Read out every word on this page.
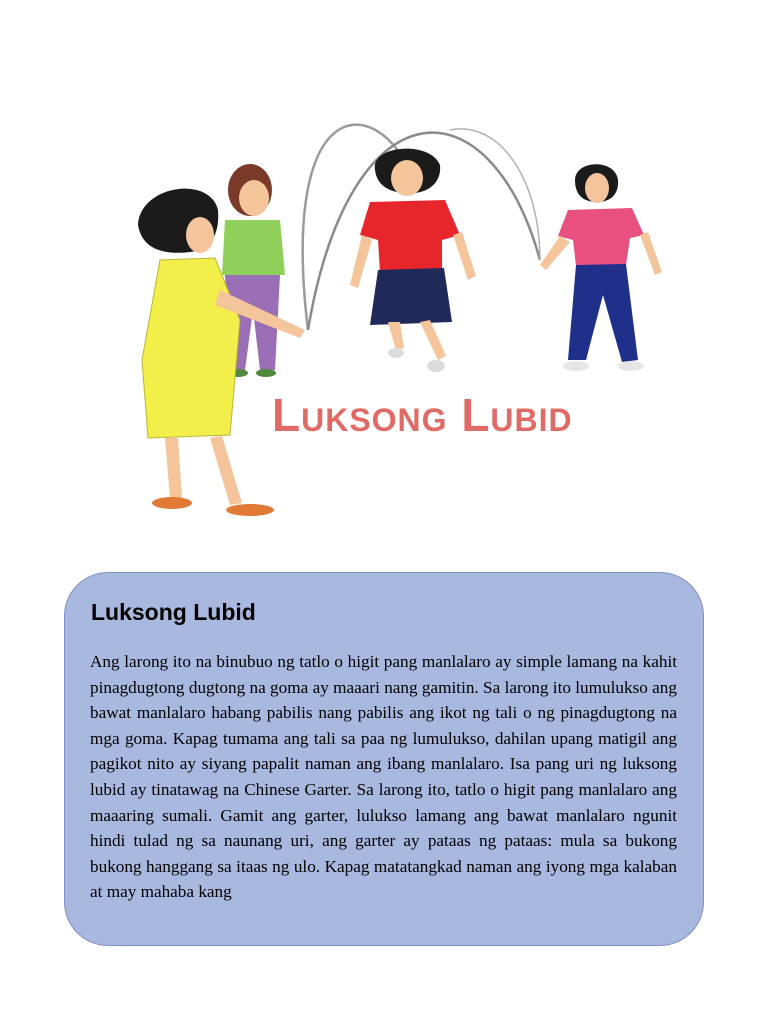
Luksong Lubid
Luksong Lubid
Ang larong ito na binubuo ng tatlo o higit pang manlalaro ay simple lamang na kahit pinagdugtong dugtong na goma ay maaari nang gamitin. Sa larong ito lumulukso ang bawat manlalaro habang pabilis nang pabilis ang ikot ng tali o ng pinagdugtong na mga goma. Kapag tumama ang tali sa paa ng lumulukso, dahilan upang matigil ang pagikot nito ay siyang papalit naman ang ibang manlalaro. Isa pang uri ng luksong lubid ay tinatawag na Chinese Garter. Sa larong ito, tatlo o higit pang manlalaro ang maaaring sumali. Gamit ang garter, lulukso lamang ang bawat manlalaro ngunit hindi tulad ng sa naunang uri, ang garter ay pataas ng pataas: mula sa bukong bukong hanggang sa itaas ng ulo. Kapag matatangkad naman ang iyong mga kalaban at may mahaba kang
